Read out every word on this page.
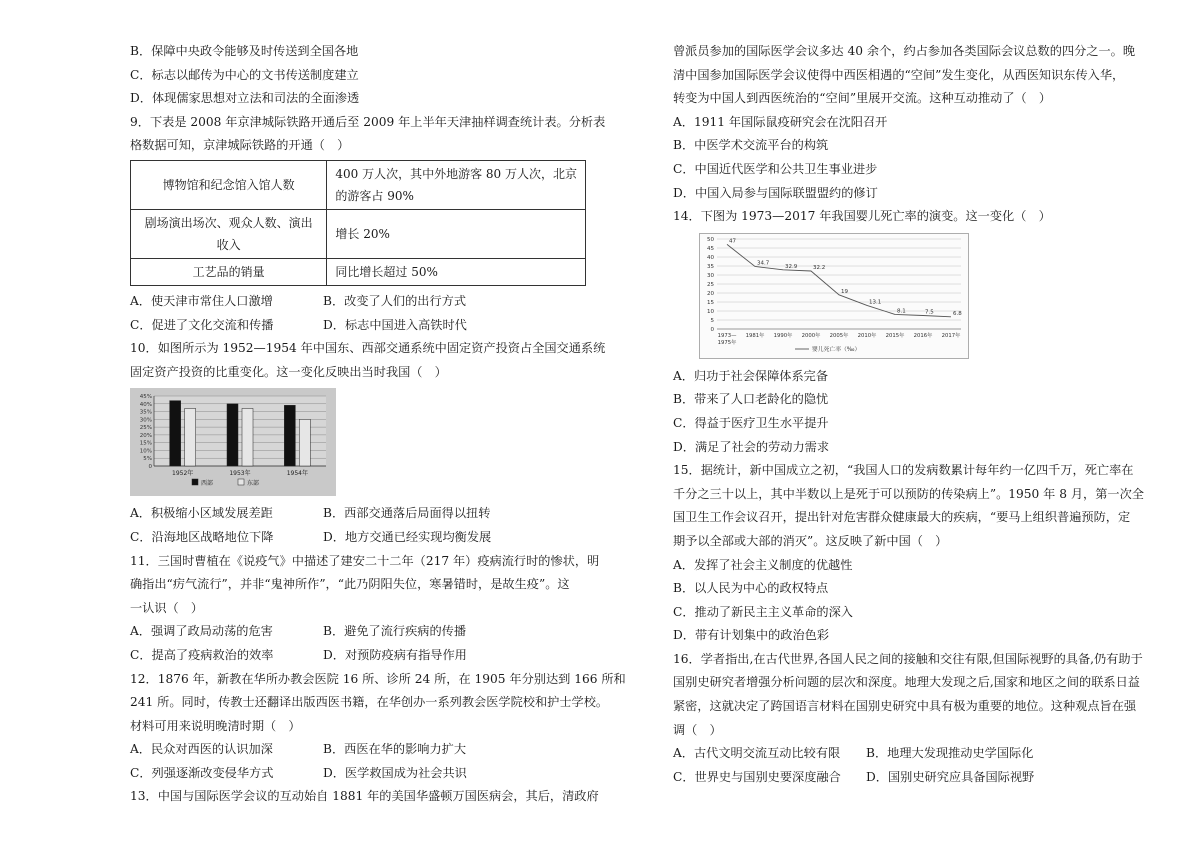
B．保障中央政令能够及时传送到全国各地

C．标志以邮传为中心的文书传送制度建立

D．体现儒家思想对立法和司法的全面渗透

9．下表是 2008 年京津城际铁路开通后至 2009 年上半年天津抽样调查统计表。分析表

格数据可知，京津城际铁路的开通（　）

博物馆和纪念馆入馆人数	400 万人次，其中外地游客 80 万人次，北京
的游客占 90%

剧场演出场次、观众人数、演出收入	增长 20%
工艺品的销量	同比增长超过 50%
A．使天津市常住人口激增	B．改变了人们的出行方式
C．促进了文化交流和传播	D．标志中国进入高铁时代

10．如图所示为 1952—1954 年中国东、西部交通系统中固定资产投资占全国交通系统

固定资产投资的比重变化。这一变化反映出当时我国（　）

0
5%
10%
15%
20%
25%
30%
35%
40%
45%
1952年	1953年	1954年
西部	东部
A．积极缩小区域发展差距	B．西部交通落后局面得以扭转
C．沿海地区战略地位下降	D．地方交通已经实现均衡发展

11．三国时曹植在《说疫气》中描述了建安二十二年（217 年）疫病流行时的惨状，明

确指出“疠气流行”，并非“鬼神所作”，“此乃阴阳失位，寒暑错时，是故生疫”。这

一认识（　）

A．强调了政局动荡的危害	B．避免了流行疾病的传播
C．提高了疫病救治的效率	D．对预防疫病有指导作用

12．1876 年，新教在华所办教会医院 16 所、诊所 24 所，在 1905 年分别达到 166 所和

241 所。同时，传教士还翻译出版西医书籍，在华创办一系列教会医学院校和护士学校。

材料可用来说明晚清时期（　）

A．民众对西医的认识加深	B．西医在华的影响力扩大
C．列强逐渐改变侵华方式	D．医学救国成为社会共识

13．中国与国际医学会议的互动始自 1881 年的美国华盛顿万国医病会，其后，清政府

曾派员参加的国际医学会议多达 40 余个，约占参加各类国际会议总数的四分之一。晚

清中国参加国际医学会议使得中西医相遇的“空间”发生变化，从西医知识东传入华，

转变为中国人到西医统治的“空间”里展开交流。这种互动推动了（　）

A．1911 年国际鼠疫研究会在沈阳召开

B．中医学术交流平台的构筑

C．中国近代医学和公共卫生事业进步

D．中国入局参与国际联盟盟约的修订

14．下图为 1973—2017 年我国婴儿死亡率的演变。这一变化（　）

0
5
10
15
20
25
30
35
40
45
50	47
34.7
32.9	32.2
19
13.1
8.1	7.5	6.8
1973—
1975年
1981年 1990年 2000年 2005年 2010年 2015年 2016年 2017年
婴儿死亡率（‰）

A．归功于社会保障体系完备

B．带来了人口老龄化的隐忧

C．得益于医疗卫生水平提升

D．满足了社会的劳动力需求

15．据统计，新中国成立之初，“我国人口的发病数累计每年约一亿四千万，死亡率在

千分之三十以上，其中半数以上是死于可以预防的传染病上”。1950 年 8 月，第一次全

国卫生工作会议召开，提出针对危害群众健康最大的疾病，“要马上组织普遍预防，定

期予以全部或大部的消灭”。这反映了新中国（　）

A．发挥了社会主义制度的优越性

B．以人民为中心的政权特点

C．推动了新民主主义革命的深入

D．带有计划集中的政治色彩

16．学者指出,在古代世界,各国人民之间的接触和交往有限,但国际视野的具备,仍有助于

国别史研究者增强分析问题的层次和深度。地理大发现之后,国家和地区之间的联系日益

紧密，这就决定了跨国语言材料在国别史研究中具有极为重要的地位。这种观点旨在强

调（　）

A．古代文明交流互动比较有限	B．地理大发现推动史学国际化
C．世界史与国别史要深度融合	D．国别史研究应具备国际视野
